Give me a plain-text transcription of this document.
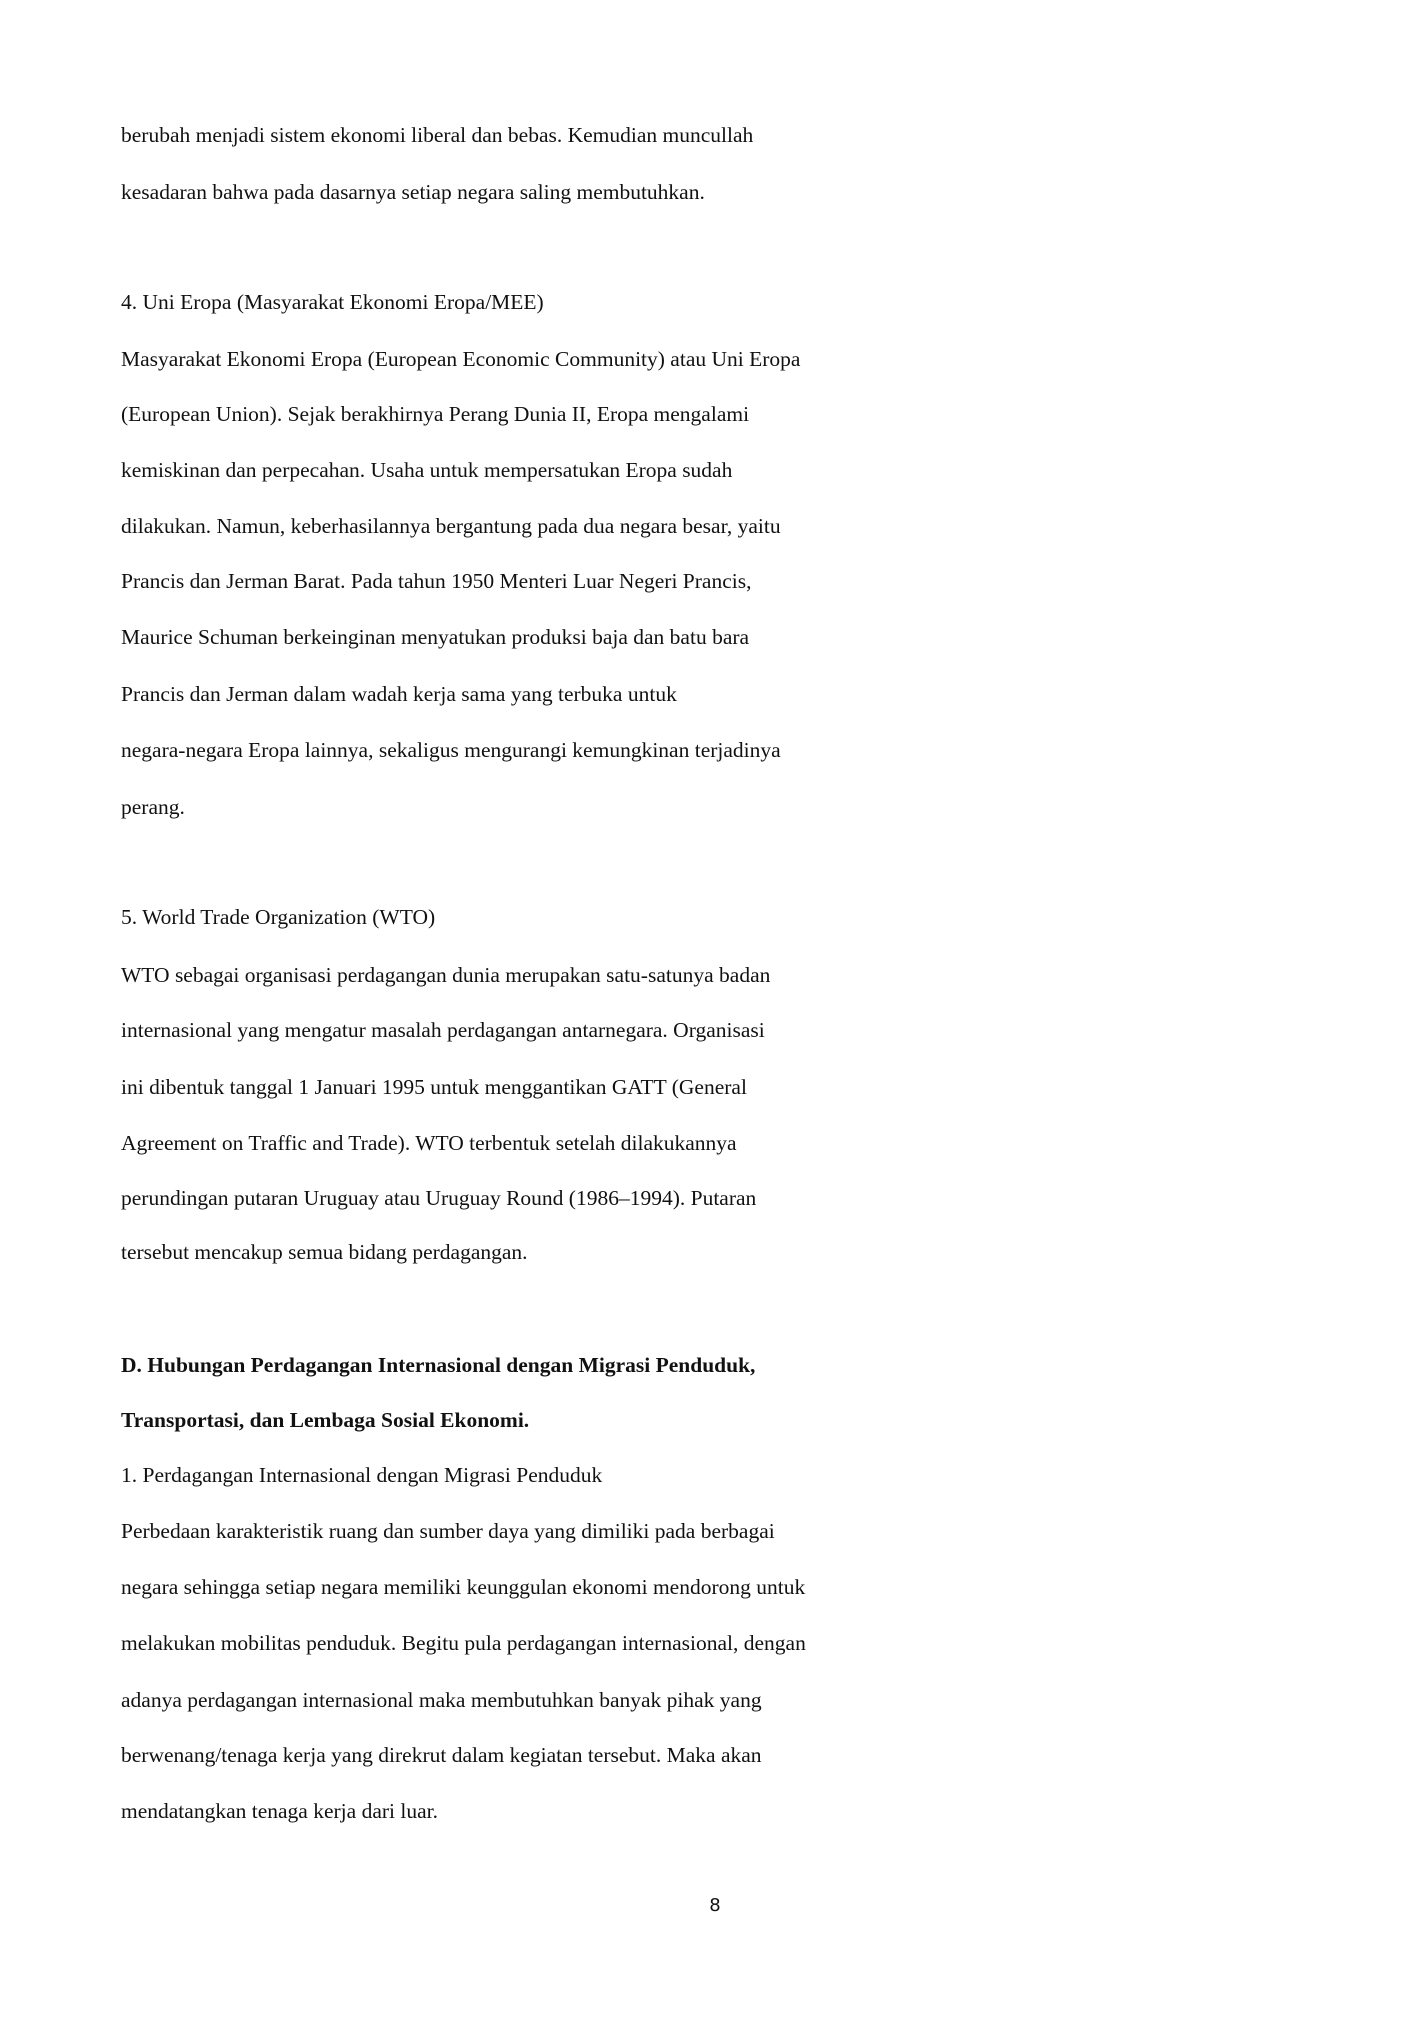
berubah menjadi sistem ekonomi liberal dan bebas. Kemudian muncullah
kesadaran bahwa pada dasarnya setiap negara saling membutuhkan.
4. Uni Eropa (Masyarakat Ekonomi Eropa/MEE)
Masyarakat Ekonomi Eropa (European Economic Community) atau Uni Eropa
(European Union). Sejak berakhirnya Perang Dunia II, Eropa mengalami
kemiskinan dan perpecahan. Usaha untuk mempersatukan Eropa sudah
dilakukan. Namun, keberhasilannya bergantung pada dua negara besar, yaitu
Prancis dan Jerman Barat. Pada tahun 1950 Menteri Luar Negeri Prancis,
Maurice Schuman berkeinginan menyatukan produksi baja dan batu bara
Prancis dan Jerman dalam wadah kerja sama yang terbuka untuk
negara-negara Eropa lainnya, sekaligus mengurangi kemungkinan terjadinya
perang.
5. World Trade Organization (WTO)
WTO sebagai organisasi perdagangan dunia merupakan satu-satunya badan
internasional yang mengatur masalah perdagangan antarnegara. Organisasi
ini dibentuk tanggal 1 Januari 1995 untuk menggantikan GATT (General
Agreement on Traffic and Trade). WTO terbentuk setelah dilakukannya
perundingan putaran Uruguay atau Uruguay Round (1986–1994). Putaran
tersebut mencakup semua bidang perdagangan.
D. Hubungan Perdagangan Internasional dengan Migrasi Penduduk,
Transportasi, dan Lembaga Sosial Ekonomi.
1. Perdagangan Internasional dengan Migrasi Penduduk
Perbedaan karakteristik ruang dan sumber daya yang dimiliki pada berbagai
negara sehingga setiap negara memiliki keunggulan ekonomi mendorong untuk
melakukan mobilitas penduduk. Begitu pula perdagangan internasional, dengan
adanya perdagangan internasional maka membutuhkan banyak pihak yang
berwenang/tenaga kerja yang direkrut dalam kegiatan tersebut. Maka akan
mendatangkan tenaga kerja dari luar.
8
